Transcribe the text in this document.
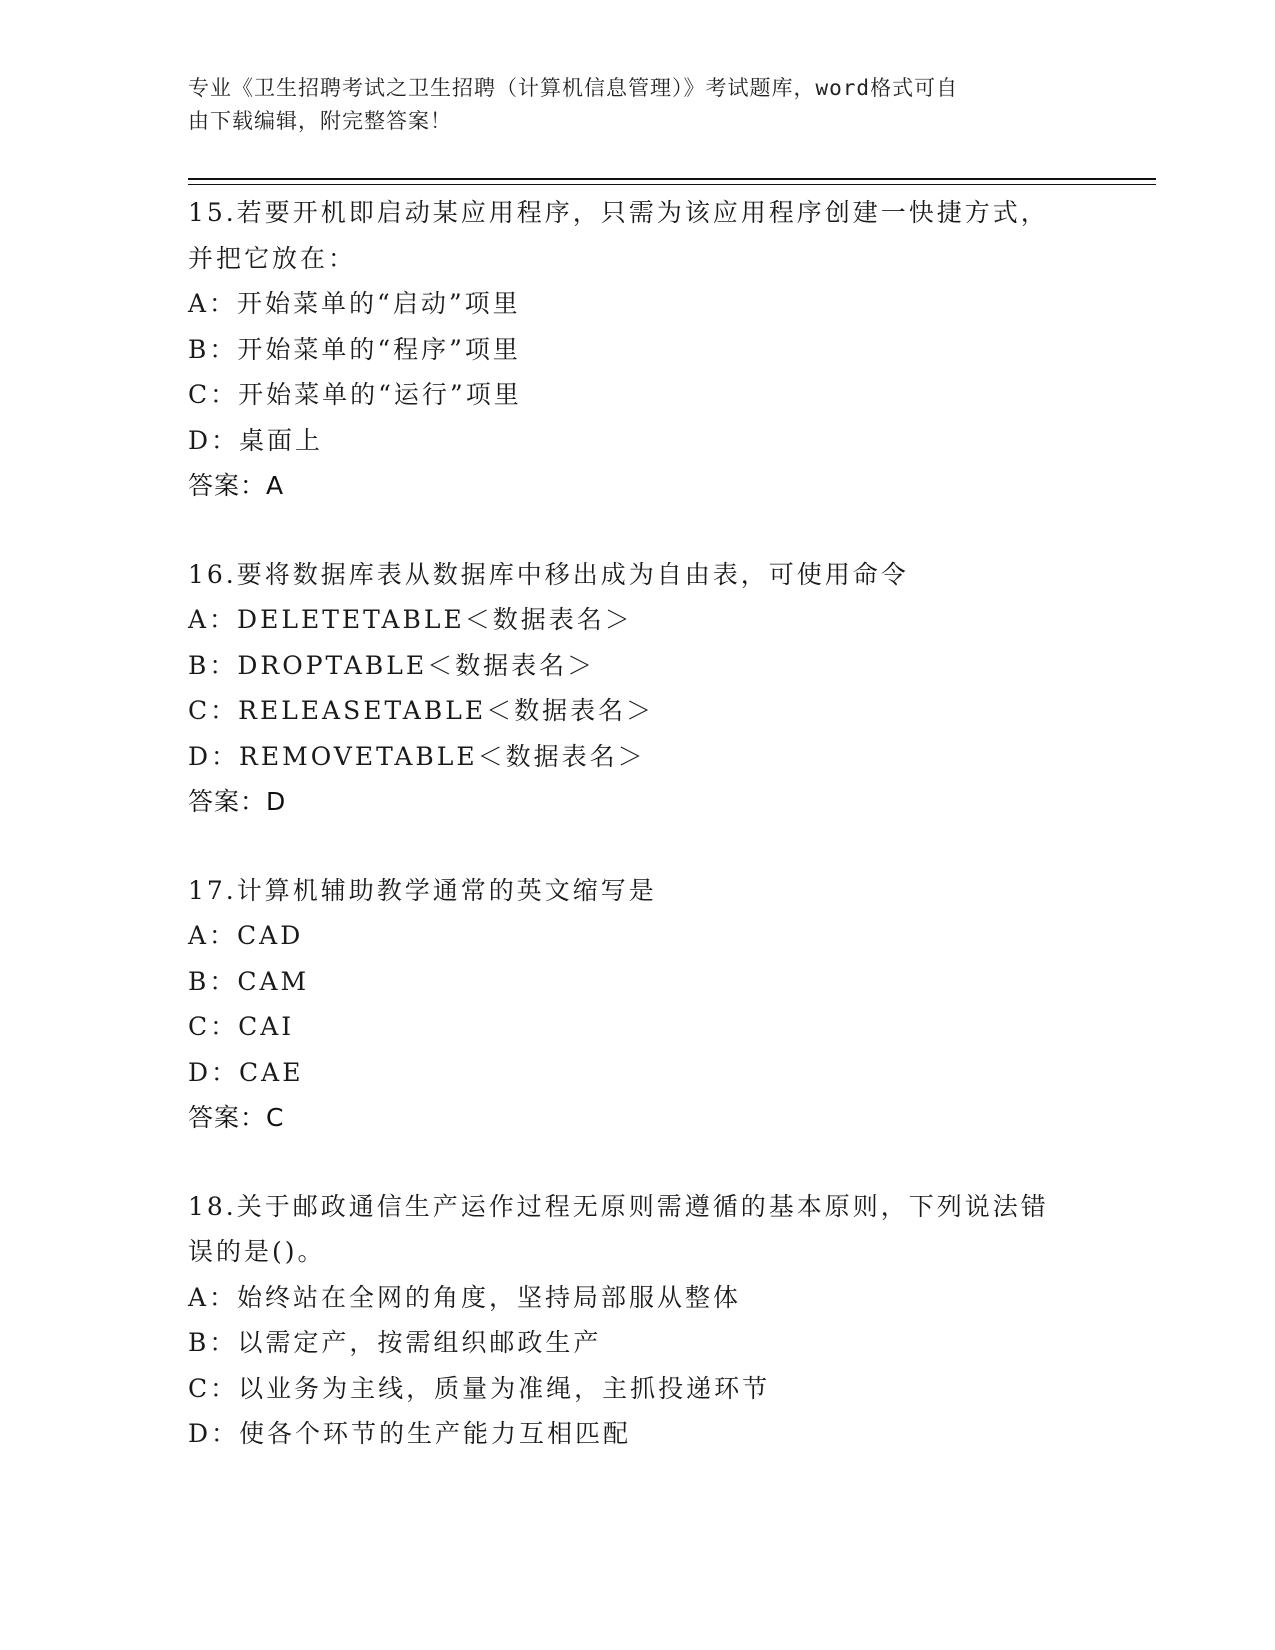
专业《卫生招聘考试之卫生招聘（计算机信息管理）》考试题库，word格式可自
由下载编辑，附完整答案！
15.若要开机即启动某应用程序，只需为该应用程序创建一快捷方式，
并把它放在：
A：开始菜单的“启动”项里
B：开始菜单的“程序”项里
C：开始菜单的“运行”项里
D：桌面上
答案：A
16.要将数据库表从数据库中移出成为自由表，可使用命令
A：DELETETABLE＜数据表名＞
B：DROPTABLE＜数据表名＞
C：RELEASETABLE＜数据表名＞
D：REMOVETABLE＜数据表名＞
答案：D
17.计算机辅助教学通常的英文缩写是
A：CAD
B：CAM
C：CAI
D：CAE
答案：C
18.关于邮政通信生产运作过程无原则需遵循的基本原则，下列说法错
误的是()。
A：始终站在全网的角度，坚持局部服从整体
B：以需定产，按需组织邮政生产
C：以业务为主线，质量为准绳，主抓投递环节
D：使各个环节的生产能力互相匹配
